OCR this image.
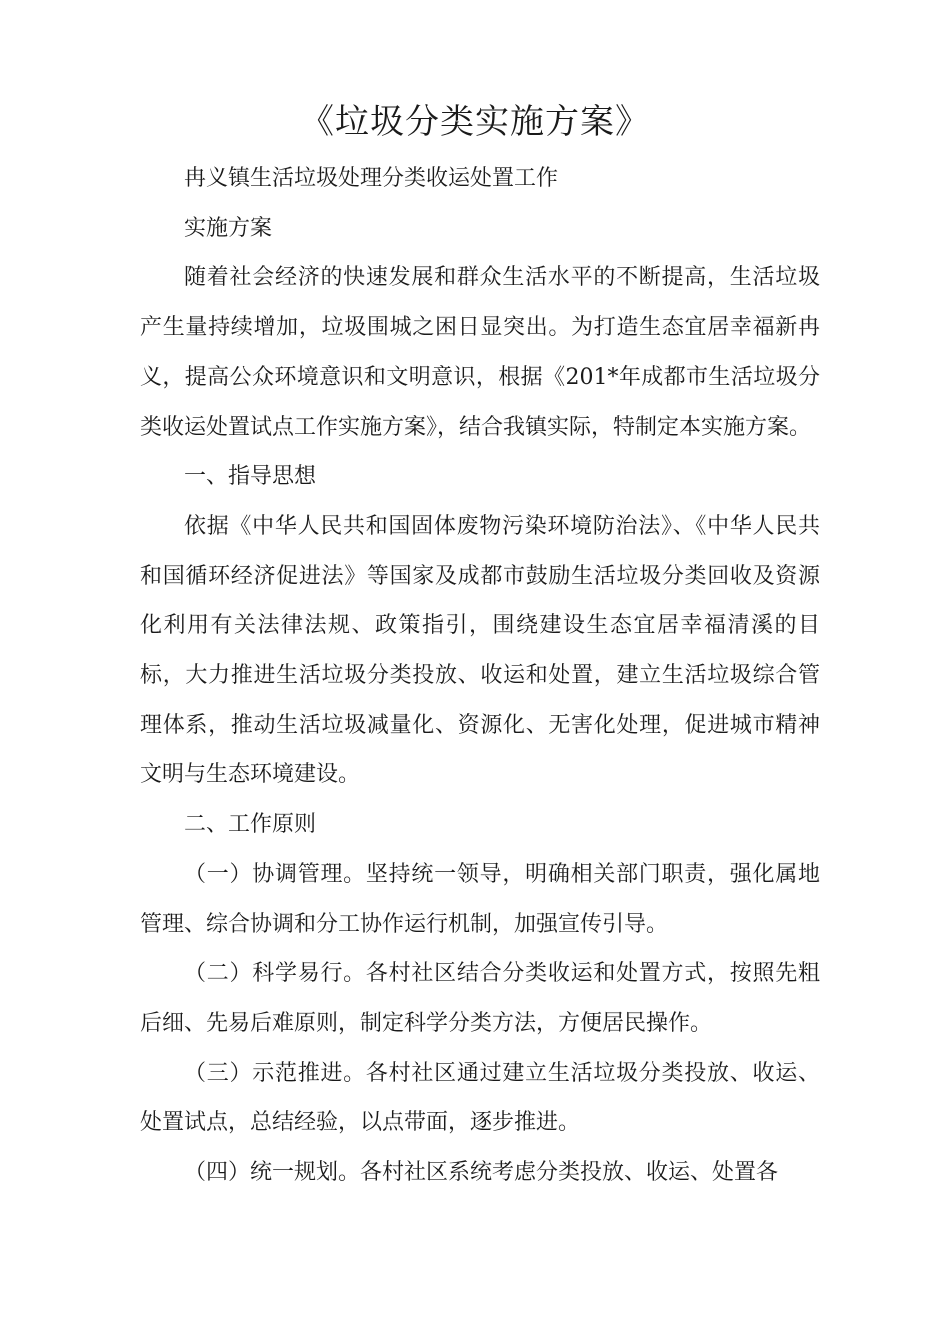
《垃圾分类实施方案》

冉义镇生活垃圾处理分类收运处置工作

实施方案

随着社会经济的快速发展和群众生活水平的不断提高，生活垃圾产生量持续增加，垃圾围城之困日显突出。为打造生态宜居幸福新冉义，提高公众环境意识和文明意识，根据《201*年成都市生活垃圾分类收运处置试点工作实施方案》，结合我镇实际，特制定本实施方案。

一、指导思想

依据《中华人民共和国固体废物污染环境防治法》、《中华人民共和国循环经济促进法》等国家及成都市鼓励生活垃圾分类回收及资源化利用有关法律法规、政策指引，围绕建设生态宜居幸福清溪的目标，大力推进生活垃圾分类投放、收运和处置，建立生活垃圾综合管理体系，推动生活垃圾减量化、资源化、无害化处理，促进城市精神文明与生态环境建设。

二、工作原则

（一）协调管理。坚持统一领导，明确相关部门职责，强化属地管理、综合协调和分工协作运行机制，加强宣传引导。

（二）科学易行。各村社区结合分类收运和处置方式，按照先粗后细、先易后难原则，制定科学分类方法，方便居民操作。

（三）示范推进。各村社区通过建立生活垃圾分类投放、收运、处置试点，总结经验，以点带面，逐步推进。

（四）统一规划。各村社区系统考虑分类投放、收运、处置各
